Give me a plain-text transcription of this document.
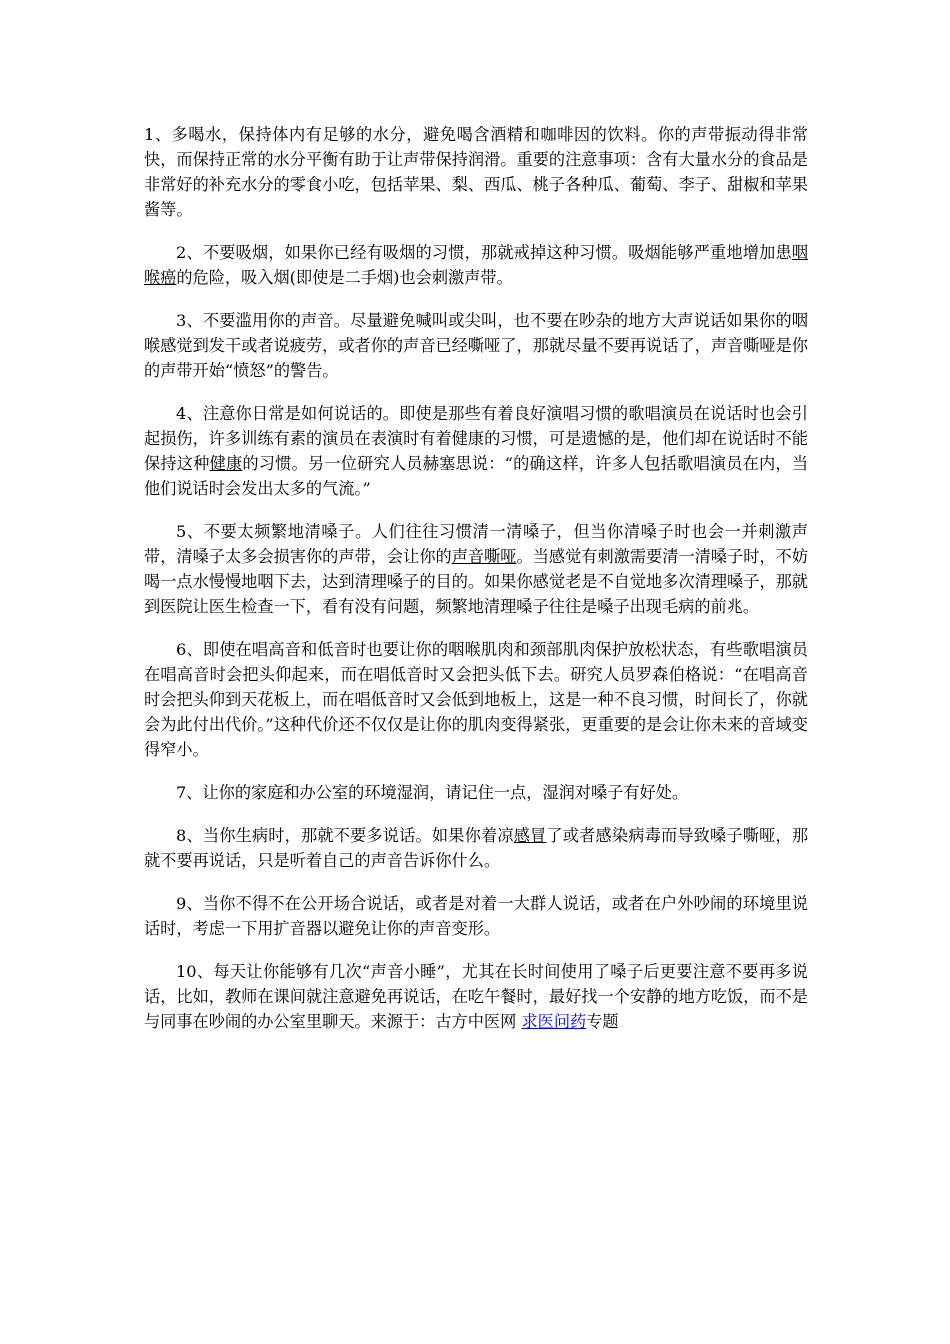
1、多喝水，保持体内有足够的水分，避免喝含酒精和咖啡因的饮料。你的声带振动得非常快，而保持正常的水分平衡有助于让声带保持润滑。重要的注意事项：含有大量水分的食品是非常好的补充水分的零食小吃，包括苹果、梨、西瓜、桃子各种瓜、葡萄、李子、甜椒和苹果酱等。

2、不要吸烟，如果你已经有吸烟的习惯，那就戒掉这种习惯。吸烟能够严重地增加患咽喉癌的危险，吸入烟(即使是二手烟)也会刺激声带。

3、不要滥用你的声音。尽量避免喊叫或尖叫，也不要在吵杂的地方大声说话如果你的咽喉感觉到发干或者说疲劳，或者你的声音已经嘶哑了，那就尽量不要再说话了，声音嘶哑是你的声带开始“愤怒”的警告。

4、注意你日常是如何说话的。即使是那些有着良好演唱习惯的歌唱演员在说话时也会引起损伤，许多训练有素的演员在表演时有着健康的习惯，可是遗憾的是，他们却在说话时不能保持这种健康的习惯。另一位研究人员赫塞思说：“的确这样，许多人包括歌唱演员在内，当他们说话时会发出太多的气流。”

5、不要太频繁地清嗓子。人们往往习惯清一清嗓子，但当你清嗓子时也会一并刺激声带，清嗓子太多会损害你的声带，会让你的声音嘶哑。当感觉有刺激需要清一清嗓子时，不妨喝一点水慢慢地咽下去，达到清理嗓子的目的。如果你感觉老是不自觉地多次清理嗓子，那就到医院让医生检查一下，看有没有问题，频繁地清理嗓子往往是嗓子出现毛病的前兆。

6、即使在唱高音和低音时也要让你的咽喉肌肉和颈部肌肉保护放松状态，有些歌唱演员在唱高音时会把头仰起来，而在唱低音时又会把头低下去。研究人员罗森伯格说：“在唱高音时会把头仰到天花板上，而在唱低音时又会低到地板上，这是一种不良习惯，时间长了，你就会为此付出代价。”这种代价还不仅仅是让你的肌肉变得紧张，更重要的是会让你未来的音域变得窄小。

7、让你的家庭和办公室的环境湿润，请记住一点，湿润对嗓子有好处。

8、当你生病时，那就不要多说话。如果你着凉感冒了或者感染病毒而导致嗓子嘶哑，那就不要再说话，只是听着自己的声音告诉你什么。

9、当你不得不在公开场合说话，或者是对着一大群人说话，或者在户外吵闹的环境里说话时，考虑一下用扩音器以避免让你的声音变形。

10、每天让你能够有几次“声音小睡”，尤其在长时间使用了嗓子后更要注意不要再多说话，比如，教师在课间就注意避免再说话，在吃午餐时，最好找一个安静的地方吃饭，而不是与同事在吵闹的办公室里聊天。来源于：古方中医网 求医问药专题
